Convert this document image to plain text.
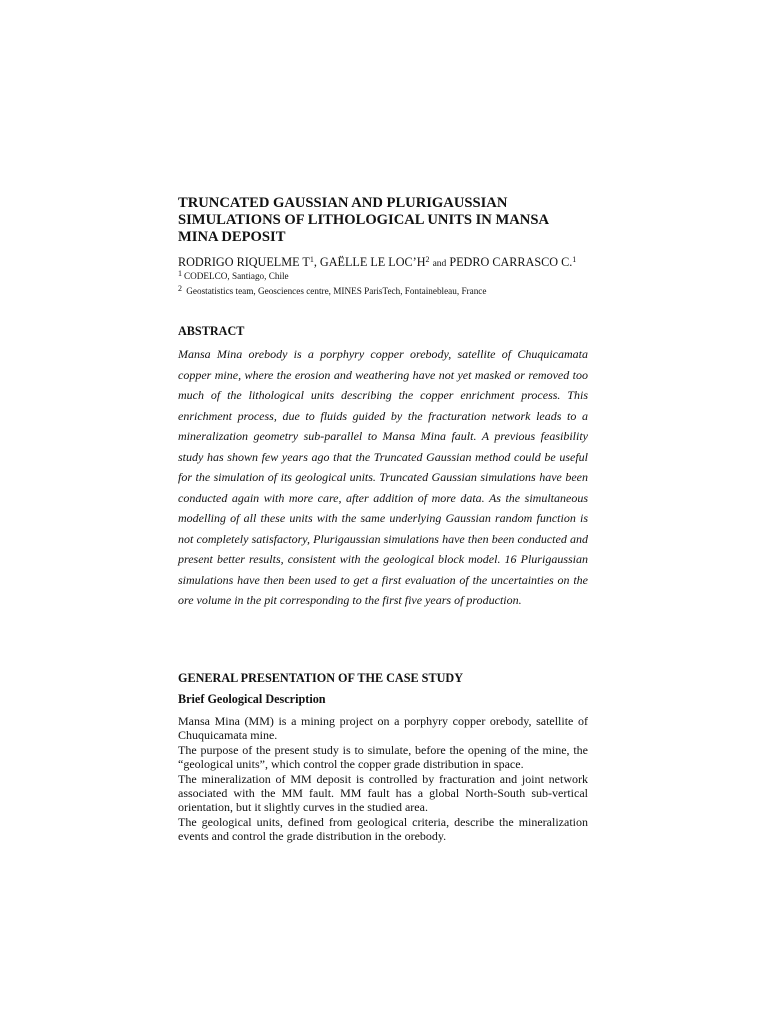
TRUNCATED GAUSSIAN AND PLURIGAUSSIAN SIMULATIONS OF LITHOLOGICAL UNITS IN MANSA MINA DEPOSIT
RODRIGO RIQUELME $T^1$, GAËLLE LE $LOC’H^2$ and PEDRO CARRASCO C.$^1$
$^1$ CODELCO, Santiago, Chile
$^2$ Geostatistics team, Geosciences centre, MINES ParisTech, Fontainebleau, France
ABSTRACT

Mansa Mina orebody is a porphyry copper orebody, satellite of Chuquicamata copper mine, where the erosion and weathering have not yet masked or removed too much of the lithological units describing the copper enrichment process. This enrichment process, due to fluids guided by the fracturation network leads to a mineralization geometry sub-parallel to Mansa Mina fault. A previous feasibility study has shown few years ago that the Truncated Gaussian method could be useful for the simulation of its geological units. Truncated Gaussian simulations have been conducted again with more care, after addition of more data. As the simultaneous modelling of all these units with the same underlying Gaussian random function is not completely satisfactory, Plurigaussian simulations have then been conducted and present better results, consistent with the geological block model. 16 Plurigaussian simulations have then been used to get a first evaluation of the uncertainties on the ore volume in the pit corresponding to the first five years of production.

GENERAL PRESENTATION OF THE CASE STUDY
Brief Geological Description

Mansa Mina (MM) is a mining project on a porphyry copper orebody, satellite of Chuquicamata mine.

The purpose of the present study is to simulate, before the opening of the mine, the “geological units”, which control the copper grade distribution in space.

The mineralization of MM deposit is controlled by fracturation and joint network associated with the MM fault. MM fault has a global North-South sub-vertical orientation, but it slightly curves in the studied area.

The geological units, defined from geological criteria, describe the mineralization events and control the grade distribution in the orebody.
